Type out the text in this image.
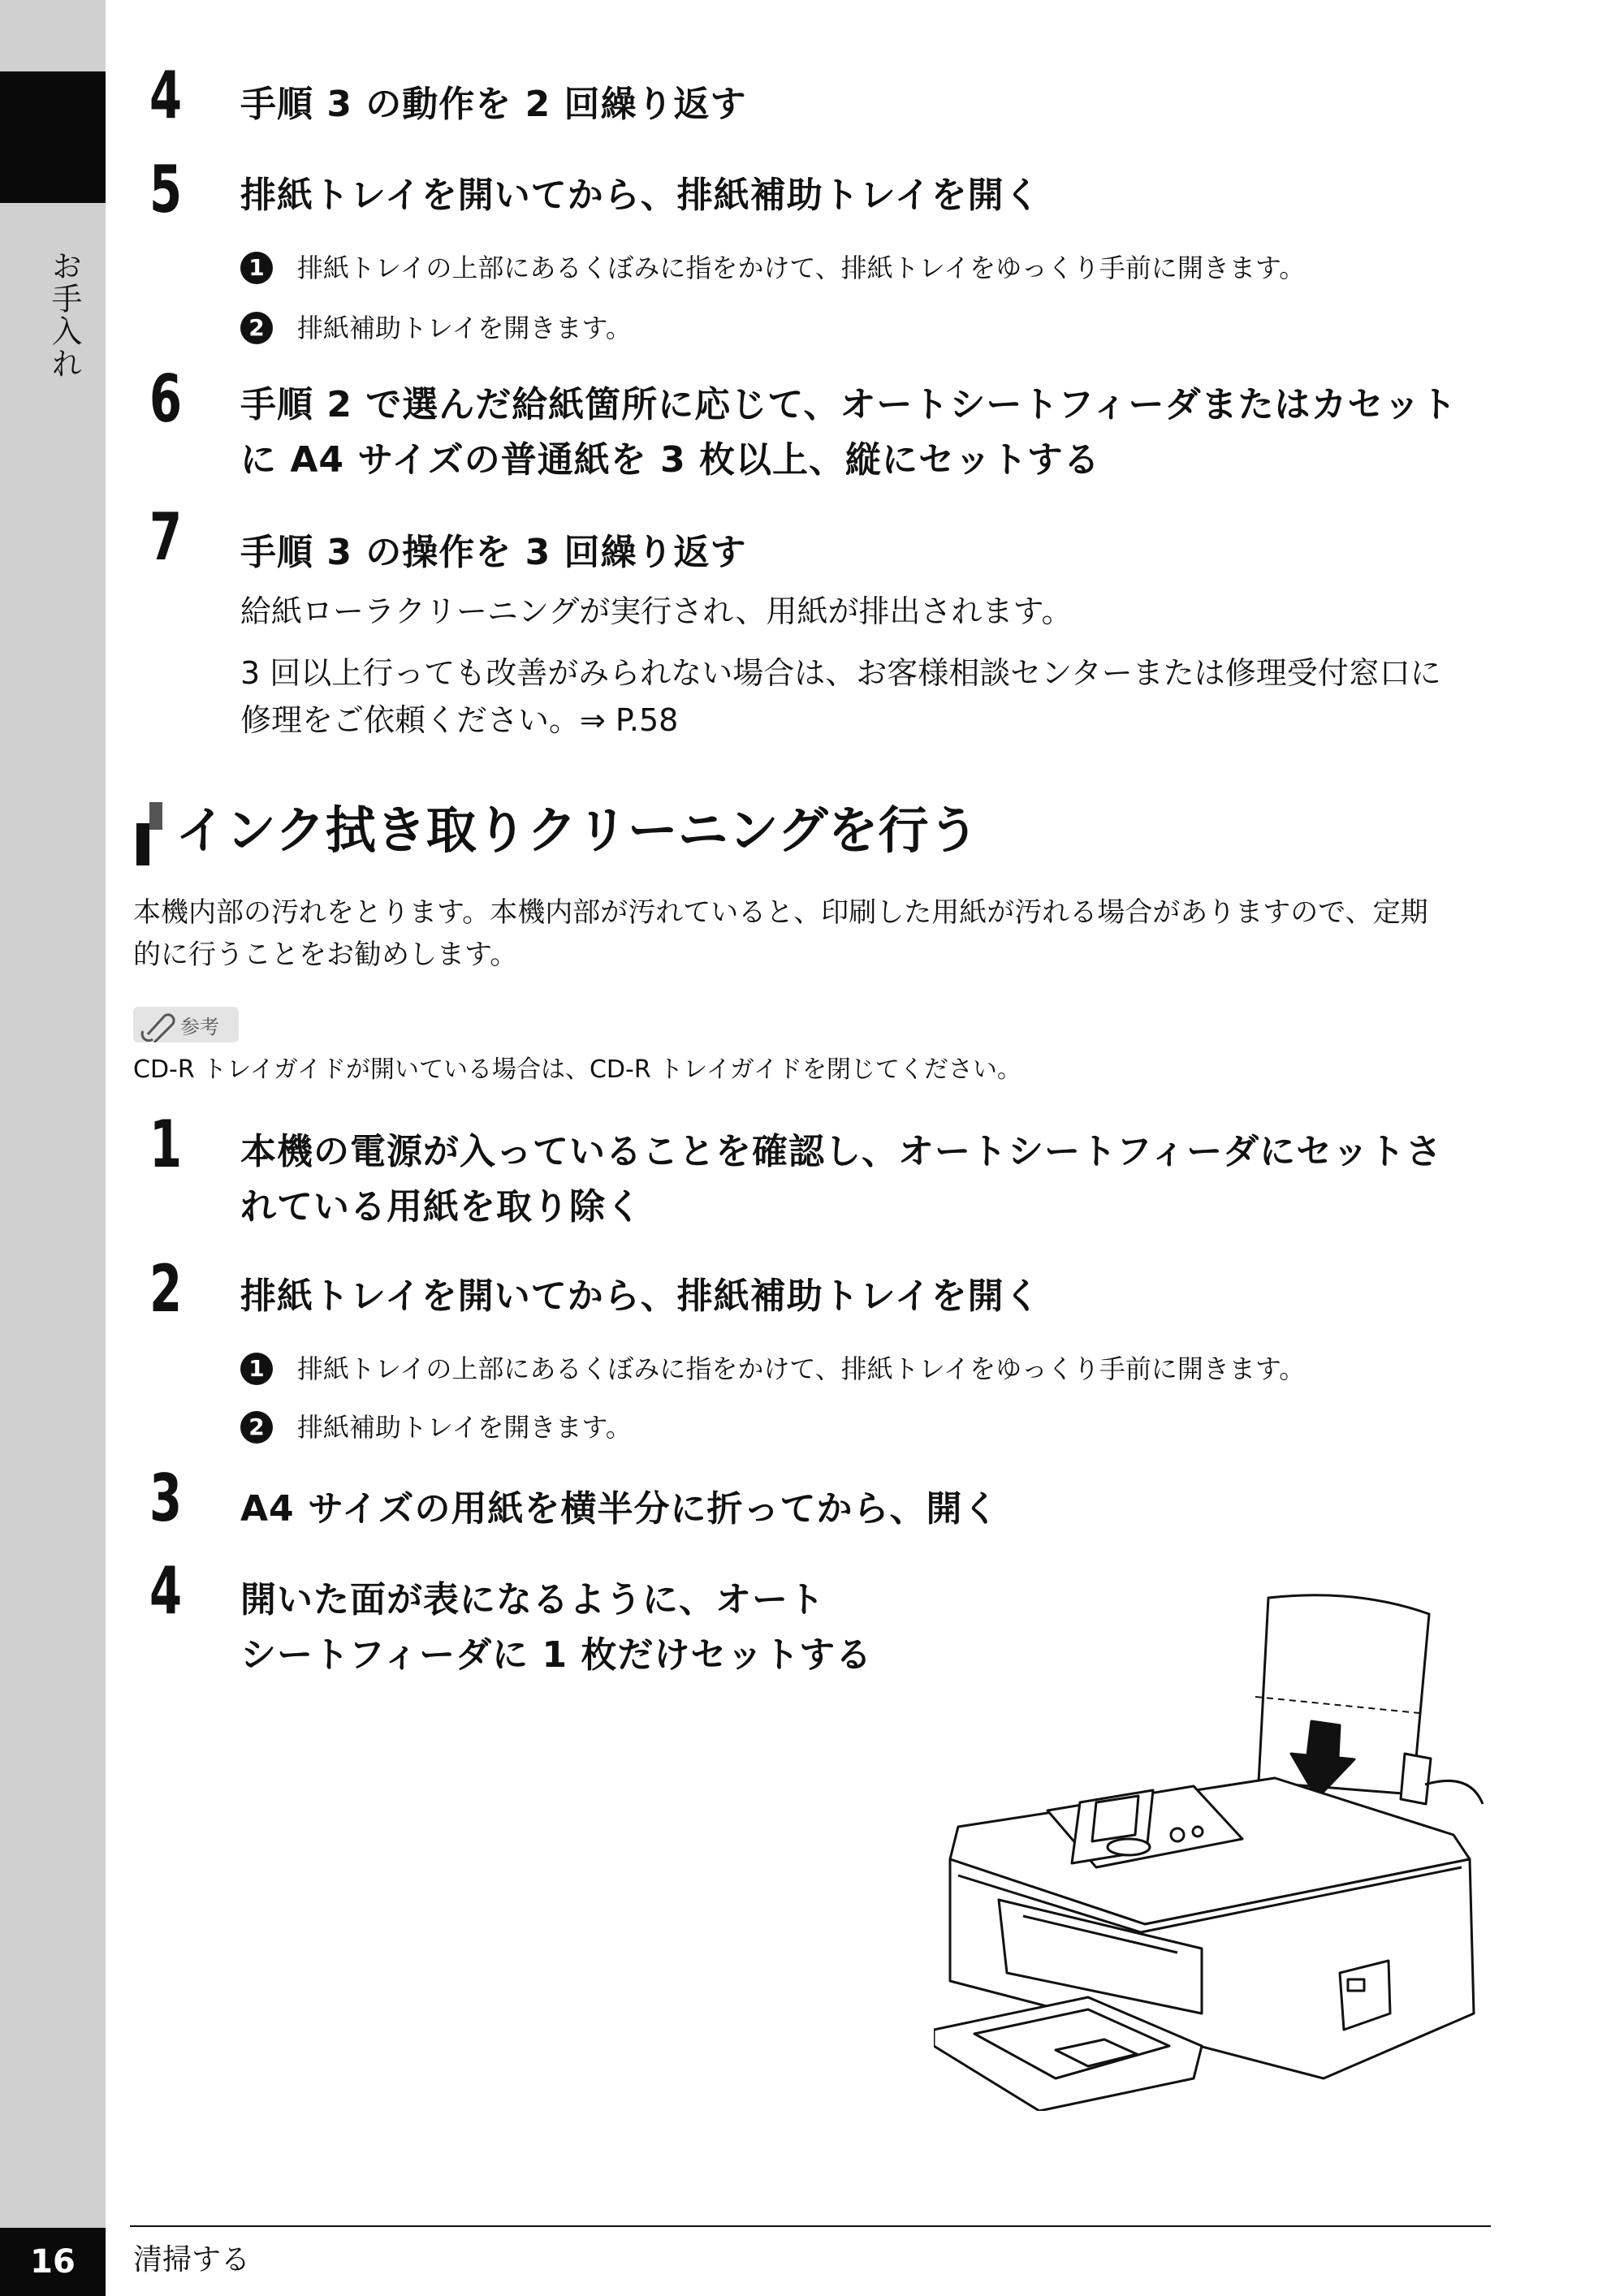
お手入れ
4 手順 3 の動作を 2 回繰り返す
5 排紙トレイを開いてから、排紙補助トレイを開く
1	排紙トレイの上部にあるくぼみに指をかけて、排紙トレイをゆっくり手前に開きます。
2	排紙補助トレイを開きます。
6 手順 2 で選んだ給紙箇所に応じて、オートシートフィーダまたはカセット
に A4 サイズの普通紙を 3 枚以上、縦にセットする
7 手順 3 の操作を 3 回繰り返す
給紙ローラクリーニングが実行され、用紙が排出されます。
3 回以上行っても改善がみられない場合は、お客様相談センターまたは修理受付窓口に
修理をご依頼ください。⇒ P.58
インク拭き取りクリーニングを行う
本機内部の汚れをとります。本機内部が汚れていると、印刷した用紙が汚れる場合がありますので、定期
的に行うことをお勧めします。
参考
CD-R トレイガイドが開いている場合は、CD-R トレイガイドを閉じてください。
1 本機の電源が入っていることを確認し、オートシートフィーダにセットさ
れている用紙を取り除く
2 排紙トレイを開いてから、排紙補助トレイを開く
1	排紙トレイの上部にあるくぼみに指をかけて、排紙トレイをゆっくり手前に開きます。
2	排紙補助トレイを開きます。
3 A4 サイズの用紙を横半分に折ってから、開く
4 開いた面が表になるように、オート
シートフィーダに 1 枚だけセットする
16	清掃する
